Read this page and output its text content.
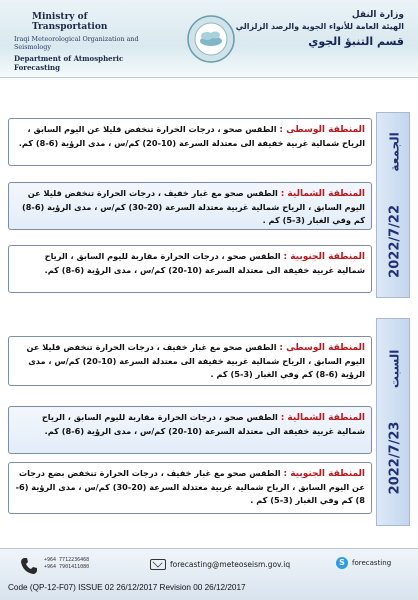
Ministry of Transportation
Iraqi Meteorological Organization and Seismology
Department of Atmospheric Forecasting
وزارة النقل
الهيئة العامة للأنواء الجوية والرصد الزلزالي
قسم التنبؤ الجوي
2022/7/22      الجمعة
المنطقة الوسطى : الطقس صحو ، درجات الحرارة تنخفض قليلا عن اليوم السابق ، الرياح شمالية غربية خفيفة الى معتدلة السرعة (10-20) كم/س ، مدى الرؤية (6-8) كم.
المنطقة الشمالية : الطقس صحو مع غبار خفيف ، درجات الحرارة تنخفض قليلا عن اليوم السابق ، الرياح شمالية غربية معتدلة السرعة (20-30) كم/س ، مدى الرؤية (6-8) كم وفي الغبار (3-5) كم .
المنطقة الجنوبية : الطقس صحو ، درجات الحرارة مقاربة لليوم السابق ، الرياح شمالية غربية خفيفة الى معتدلة السرعة (10-20) كم/س ، مدى الرؤية (6-8) كم.
2022/7/23      السبت
المنطقة الوسطى : الطقس صحو مع غبار خفيف ، درجات الحرارة تنخفض قليلا عن اليوم السابق ، الرياح شمالية غربية خفيفة الى معتدلة السرعة (10-20) كم/س ، مدى الرؤية (6-8) كم وفي الغبار (3-5) كم .
المنطقة الشمالية : الطقس صحو ، درجات الحرارة مقاربة لليوم السابق ، الرياح شمالية غربية خفيفة الى معتدلة السرعة (10-20) كم/س ، مدى الرؤية (6-8) كم.
المنطقة الجنوبية : الطقس صحو مع غبار خفيف ، درجات الحرارة تنخفض بضع درجات عن اليوم السابق ، الرياح شمالية غربية معتدلة السرعة (20-30) كم/س ، مدى الرؤية (6-8) كم وفي الغبار (3-5) كم .
+964 7712236468
+964 7901411080	forecasting@meteoseism.gov.iq	S	forecasting
Code (QP-12-F07) ISSUE 02 26/12/2017 Revision 00 26/12/2017
